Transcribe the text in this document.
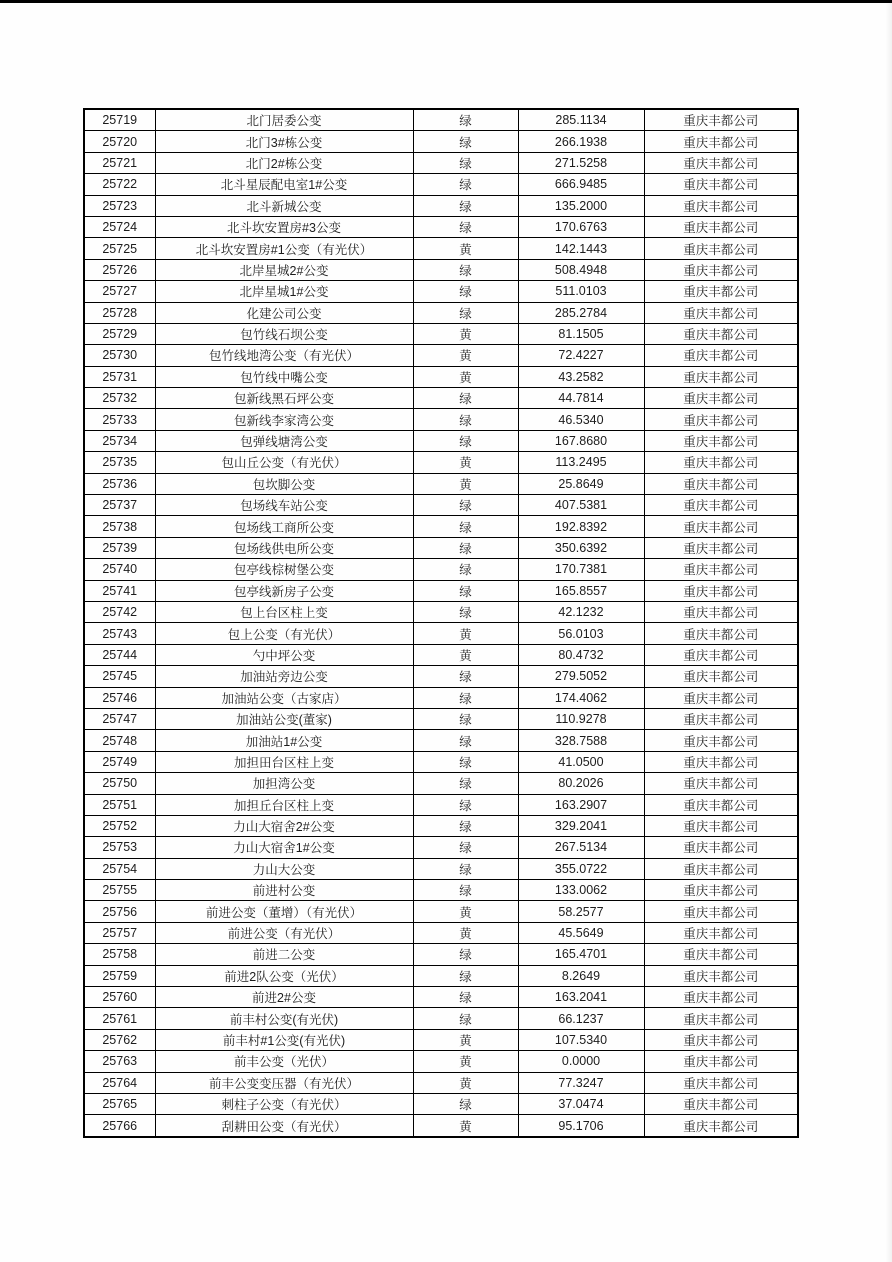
25719	北门居委公变	绿	285.1134	重庆丰都公司
25720	北门3#栋公变	绿	266.1938	重庆丰都公司
25721	北门2#栋公变	绿	271.5258	重庆丰都公司
25722	北斗星辰配电室1#公变	绿	666.9485	重庆丰都公司
25723	北斗新城公变	绿	135.2000	重庆丰都公司
25724	北斗坎安置房#3公变	绿	170.6763	重庆丰都公司
25725	北斗坎安置房#1公变（有光伏）	黄	142.1443	重庆丰都公司
25726	北岸星城2#公变	绿	508.4948	重庆丰都公司
25727	北岸星城1#公变	绿	511.0103	重庆丰都公司
25728	化建公司公变	绿	285.2784	重庆丰都公司
25729	包竹线石坝公变	黄	81.1505	重庆丰都公司
25730	包竹线地湾公变（有光伏）	黄	72.4227	重庆丰都公司
25731	包竹线中嘴公变	黄	43.2582	重庆丰都公司
25732	包新线黑石坪公变	绿	44.7814	重庆丰都公司
25733	包新线李家湾公变	绿	46.5340	重庆丰都公司
25734	包弹线塘湾公变	绿	167.8680	重庆丰都公司
25735	包山丘公变（有光伏）	黄	113.2495	重庆丰都公司
25736	包坎脚公变	黄	25.8649	重庆丰都公司
25737	包场线车站公变	绿	407.5381	重庆丰都公司
25738	包场线工商所公变	绿	192.8392	重庆丰都公司
25739	包场线供电所公变	绿	350.6392	重庆丰都公司
25740	包亭线棕树堡公变	绿	170.7381	重庆丰都公司
25741	包亭线新房子公变	绿	165.8557	重庆丰都公司
25742	包上台区柱上变	绿	42.1232	重庆丰都公司
25743	包上公变（有光伏）	黄	56.0103	重庆丰都公司
25744	勺中坪公变	黄	80.4732	重庆丰都公司
25745	加油站旁边公变	绿	279.5052	重庆丰都公司
25746	加油站公变（古家店）	绿	174.4062	重庆丰都公司
25747	加油站公变(董家)	绿	110.9278	重庆丰都公司
25748	加油站1#公变	绿	328.7588	重庆丰都公司
25749	加担田台区柱上变	绿	41.0500	重庆丰都公司
25750	加担湾公变	绿	80.2026	重庆丰都公司
25751	加担丘台区柱上变	绿	163.2907	重庆丰都公司
25752	力山大宿舍2#公变	绿	329.2041	重庆丰都公司
25753	力山大宿舍1#公变	绿	267.5134	重庆丰都公司
25754	力山大公变	绿	355.0722	重庆丰都公司
25755	前进村公变	绿	133.0062	重庆丰都公司
25756	前进公变（董增）（有光伏）	黄	58.2577	重庆丰都公司
25757	前进公变（有光伏）	黄	45.5649	重庆丰都公司
25758	前进二公变	绿	165.4701	重庆丰都公司
25759	前进2队公变（光伏）	绿	8.2649	重庆丰都公司
25760	前进2#公变	绿	163.2041	重庆丰都公司
25761	前丰村公变(有光伏)	绿	66.1237	重庆丰都公司
25762	前丰村#1公变(有光伏)	黄	107.5340	重庆丰都公司
25763	前丰公变（光伏）	黄	0.0000	重庆丰都公司
25764	前丰公变变压器（有光伏）	黄	77.3247	重庆丰都公司
25765	刺柱子公变（有光伏）	绿	37.0474	重庆丰都公司
25766	刮耕田公变（有光伏）	黄	95.1706	重庆丰都公司
